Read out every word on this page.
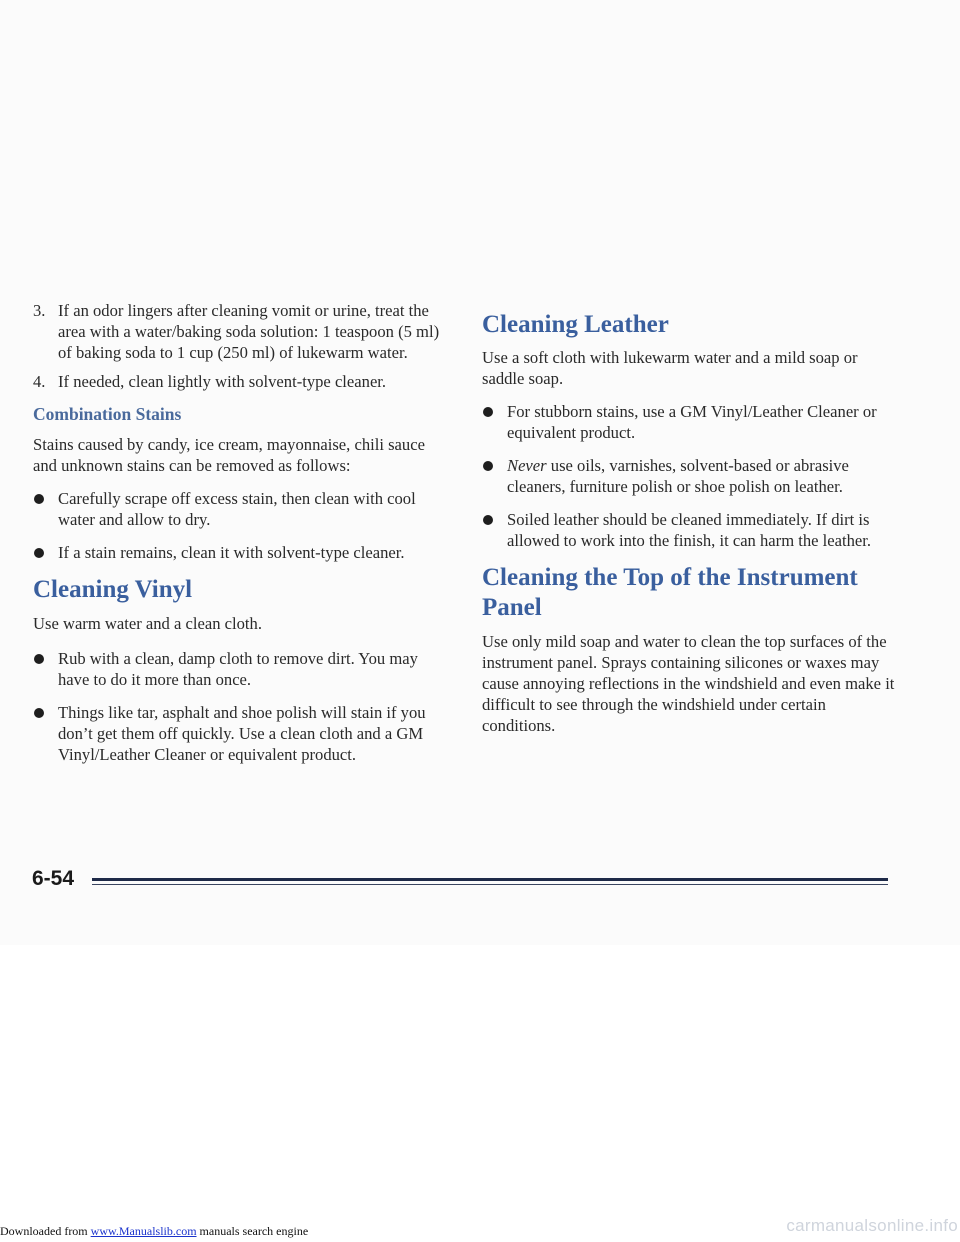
3. If an odor lingers after cleaning vomit or urine, treat the area with a water/baking soda solution: 1 teaspoon (5 ml) of baking soda to 1 cup (250 ml) of lukewarm water.

4. If needed, clean lightly with solvent-type cleaner.

Combination Stains

Stains caused by candy, ice cream, mayonnaise, chili sauce and unknown stains can be removed as follows:

Carefully scrape off excess stain, then clean with cool water and allow to dry.

If a stain remains, clean it with solvent-type cleaner.

Cleaning Vinyl

Use warm water and a clean cloth.

Rub with a clean, damp cloth to remove dirt. You may have to do it more than once.

Things like tar, asphalt and shoe polish will stain if you don’t get them off quickly. Use a clean cloth and a GM Vinyl/Leather Cleaner or equivalent product.

Cleaning Leather

Use a soft cloth with lukewarm water and a mild soap or saddle soap.

For stubborn stains, use a GM Vinyl/Leather Cleaner or equivalent product.

Never use oils, varnishes, solvent-based or abrasive cleaners, furniture polish or shoe polish on leather.

Soiled leather should be cleaned immediately. If dirt is allowed to work into the finish, it can harm the leather.

Cleaning the Top of the Instrument Panel

Use only mild soap and water to clean the top surfaces of the instrument panel. Sprays containing silicones or waxes may cause annoying reflections in the windshield and even make it difficult to see through the windshield under certain conditions.

6-54
Downloaded from www.Manualslib.com manuals search engine	carmanualsonline.info
